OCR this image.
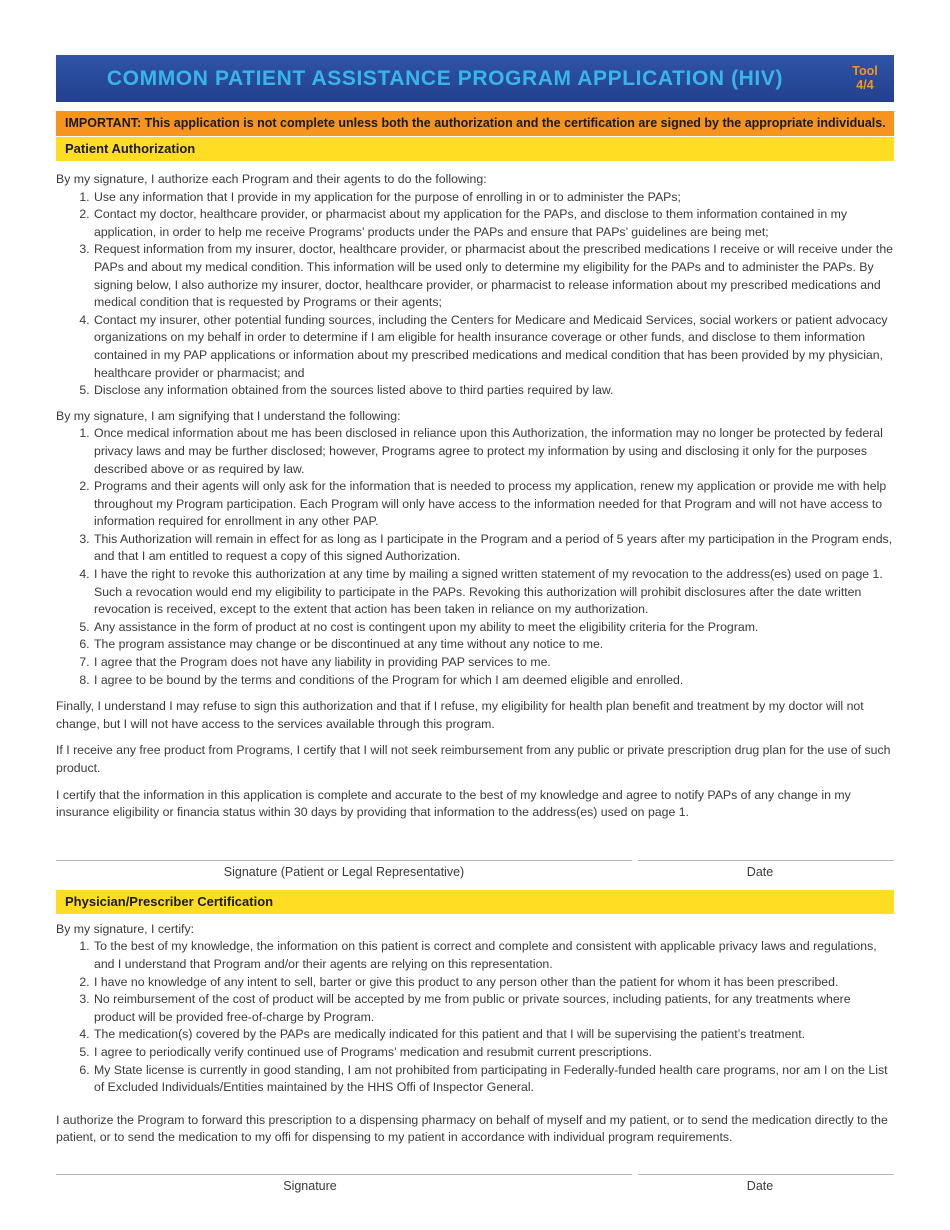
COMMON PATIENT ASSISTANCE PROGRAM APPLICATION (HIV)	Tool
4/4
IMPORTANT: This application is not complete unless both the authorization and the certification are signed by the appropriate individuals.
Patient Authorization

By my signature, I authorize each Program and their agents to do the following:

1. Use any information that I provide in my application for the purpose of enrolling in or to administer the PAPs;
2. Contact my doctor, healthcare provider, or pharmacist about my application for the PAPs, and disclose to them information contained in my application, in order to help me receive Programs’ products under the PAPs and ensure that PAPs’ guidelines are being met;
3. Request information from my insurer, doctor, healthcare provider, or pharmacist about the prescribed medications I receive or will receive under the PAPs and about my medical condition. This information will be used only to determine my eligibility for the PAPs and to administer the PAPs. By signing below, I also authorize my insurer, doctor, healthcare provider, or pharmacist to release information about my prescribed medications and medical condition that is requested by Programs or their agents;
4. Contact my insurer, other potential funding sources, including the Centers for Medicare and Medicaid Services, social workers or patient advocacy organizations on my behalf in order to determine if I am eligible for health insurance coverage or other funds, and disclose to them information contained in my PAP applications or information about my prescribed medications and medical condition that has been provided by my physician, healthcare provider or pharmacist; and
5. Disclose any information obtained from the sources listed above to third parties required by law.

By my signature, I am signifying that I understand the following:

1. Once medical information about me has been disclosed in reliance upon this Authorization, the information may no longer be protected by federal privacy laws and may be further disclosed; however, Programs agree to protect my information by using and disclosing it only for the purposes described above or as required by law.
2. Programs and their agents will only ask for the information that is needed to process my application, renew my application or provide me with help throughout my Program participation. Each Program will only have access to the information needed for that Program and will not have access to information required for enrollment in any other PAP.
3. This Authorization will remain in effect for as long as I participate in the Program and a period of 5 years after my participation in the Program ends, and that I am entitled to request a copy of this signed Authorization.
4. I have the right to revoke this authorization at any time by mailing a signed written statement of my revocation to the address(es) used on page 1. Such a revocation would end my eligibility to participate in the PAPs. Revoking this authorization will prohibit disclosures after the date written revocation is received, except to the extent that action has been taken in reliance on my authorization.
5. Any assistance in the form of product at no cost is contingent upon my ability to meet the eligibility criteria for the Program.
6. The program assistance may change or be discontinued at any time without any notice to me.
7. I agree that the Program does not have any liability in providing PAP services to me.
8. I agree to be bound by the terms and conditions of the Program for which I am deemed eligible and enrolled.

Finally, I understand I may refuse to sign this authorization and that if I refuse, my eligibility for health plan benefit and treatment by my doctor will not change, but I will not have access to the services available through this program.

If I receive any free product from Programs, I certify that I will not seek reimbursement from any public or private prescription drug plan for the use of such product.

I certify that the information in this application is complete and accurate to the best of my knowledge and agree to notify PAPs of any change in my insurance eligibility or financia status within 30 days by providing that information to the address(es) used on page 1.

Signature (Patient or Legal Representative)	Date
Physician/Prescriber Certification

By my signature, I certify:

1. To the best of my knowledge, the information on this patient is correct and complete and consistent with applicable privacy laws and regulations, and I understand that Program and/or their agents are relying on this representation.
2. I have no knowledge of any intent to sell, barter or give this product to any person other than the patient for whom it has been prescribed.
3. No reimbursement of the cost of product will be accepted by me from public or private sources, including patients, for any treatments where product will be provided free-of-charge by Program.
4. The medication(s) covered by the PAPs are medically indicated for this patient and that I will be supervising the patient’s treatment.
5. I agree to periodically verify continued use of Programs’ medication and resubmit current prescriptions.
6. My State license is currently in good standing, I am not prohibited from participating in Federally-funded health care programs, nor am I on the List of Excluded Individuals/Entities maintained by the HHS Offi of Inspector General.

I authorize the Program to forward this prescription to a dispensing pharmacy on behalf of myself and my patient, or to send the medication directly to the patient, or to send the medication to my offi for dispensing to my patient in accordance with individual program requirements.

Signature	Date
